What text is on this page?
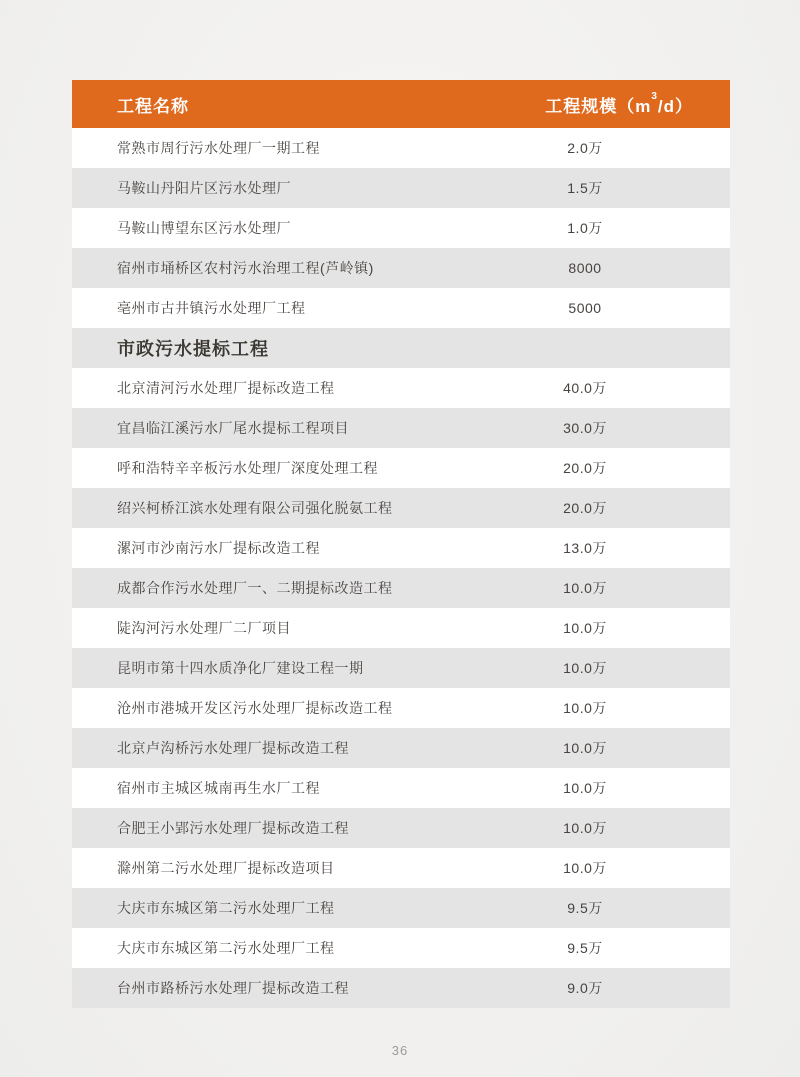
工程名称	工程规模$(m^3/d)$
常熟市周行污水处理厂一期工程	2.0万
马鞍山丹阳片区污水处理厂	1.5万
马鞍山博望东区污水处理厂	1.0万
宿州市埇桥区农村污水治理工程(芦岭镇)	8000
亳州市古井镇污水处理厂工程	5000
市政污水提标工程
北京清河污水处理厂提标改造工程	40.0万
宜昌临江溪污水厂尾水提标工程项目	30.0万
呼和浩特辛辛板污水处理厂深度处理工程	20.0万
绍兴柯桥江滨水处理有限公司强化脱氨工程	20.0万
漯河市沙南污水厂提标改造工程	13.0万
成都合作污水处理厂一、二期提标改造工程	10.0万
陡沟河污水处理厂二厂项目	10.0万
昆明市第十四水质净化厂建设工程一期	10.0万
沧州市港城开发区污水处理厂提标改造工程	10.0万
北京卢沟桥污水处理厂提标改造工程	10.0万
宿州市主城区城南再生水厂工程	10.0万
合肥王小郢污水处理厂提标改造工程	10.0万
滁州第二污水处理厂提标改造项目	10.0万
大庆市东城区第二污水处理厂工程	9.5万
大庆市东城区第二污水处理厂工程	9.5万
台州市路桥污水处理厂提标改造工程	9.0万
36
